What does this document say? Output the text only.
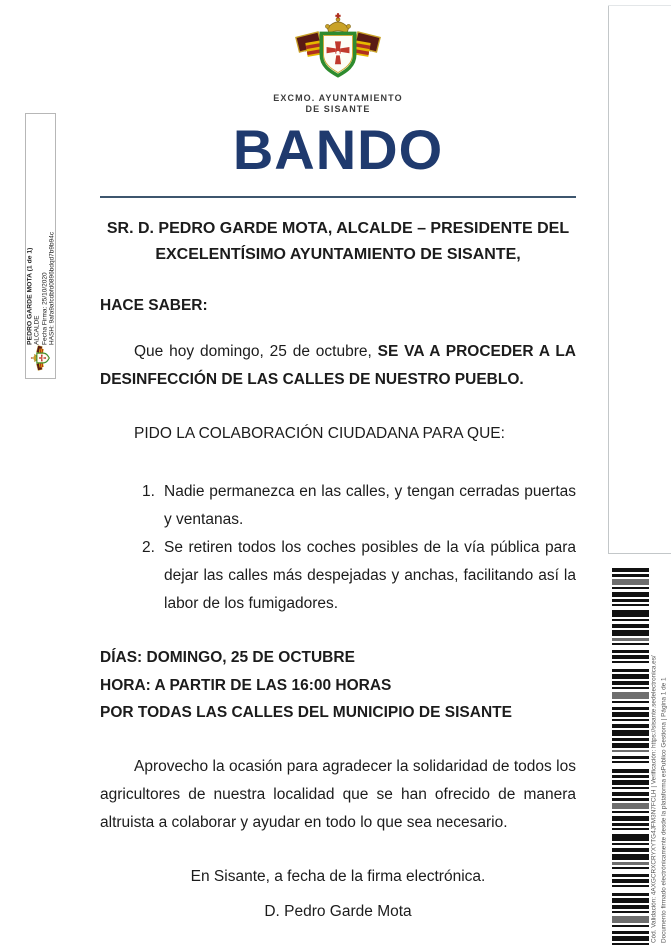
PEDRO GARDE MOTA (1 de 1) ALCALDE Fecha Firma: 25/10/2020 HASH: 9afa9afcdbfd0896bdqd7b9b94c
EXCMO. AYUNTAMIENTO
DE SISANTE
BANDO
SR. D. PEDRO GARDE MOTA, ALCALDE – PRESIDENTE DEL
EXCELENTÍSIMO AYUNTAMIENTO DE SISANTE,
HACE SABER:
Que hoy domingo, 25 de octubre, SE VA A PROCEDER A LA DESINFECCIÓN DE LAS CALLES DE NUESTRO PUEBLO.
PIDO LA COLABORACIÓN CIUDADANA PARA QUE:
1. Nadie permanezca en las calles, y tengan cerradas puertas y ventanas.
2. Se retiren todos los coches posibles de la vía pública para dejar las calles más despejadas y anchas, facilitando así la labor de los fumigadores.
DÍAS: DOMINGO, 25 DE OCTUBRE
HORA: A PARTIR DE LAS 16:00 HORAS
POR TODAS LAS CALLES DEL MUNICIPIO DE SISANTE
Aprovecho la ocasión para agradecer la solidaridad de todos los agricultores de nuestra localidad que se han ofrecido de manera altruista a colaborar y ayudar en todo lo que sea necesario.
En Sisante, a fecha de la firma electrónica.
D. Pedro Garde Mota	Cód. Validación: 4AXGCRXCRYXYTG4JFM3N7FCLH | Verificación: https://sisante.sedelectronica.es/ Documento firmado electrónicamente desde la plataforma esPublico Gestiona | Página 1 de 1
